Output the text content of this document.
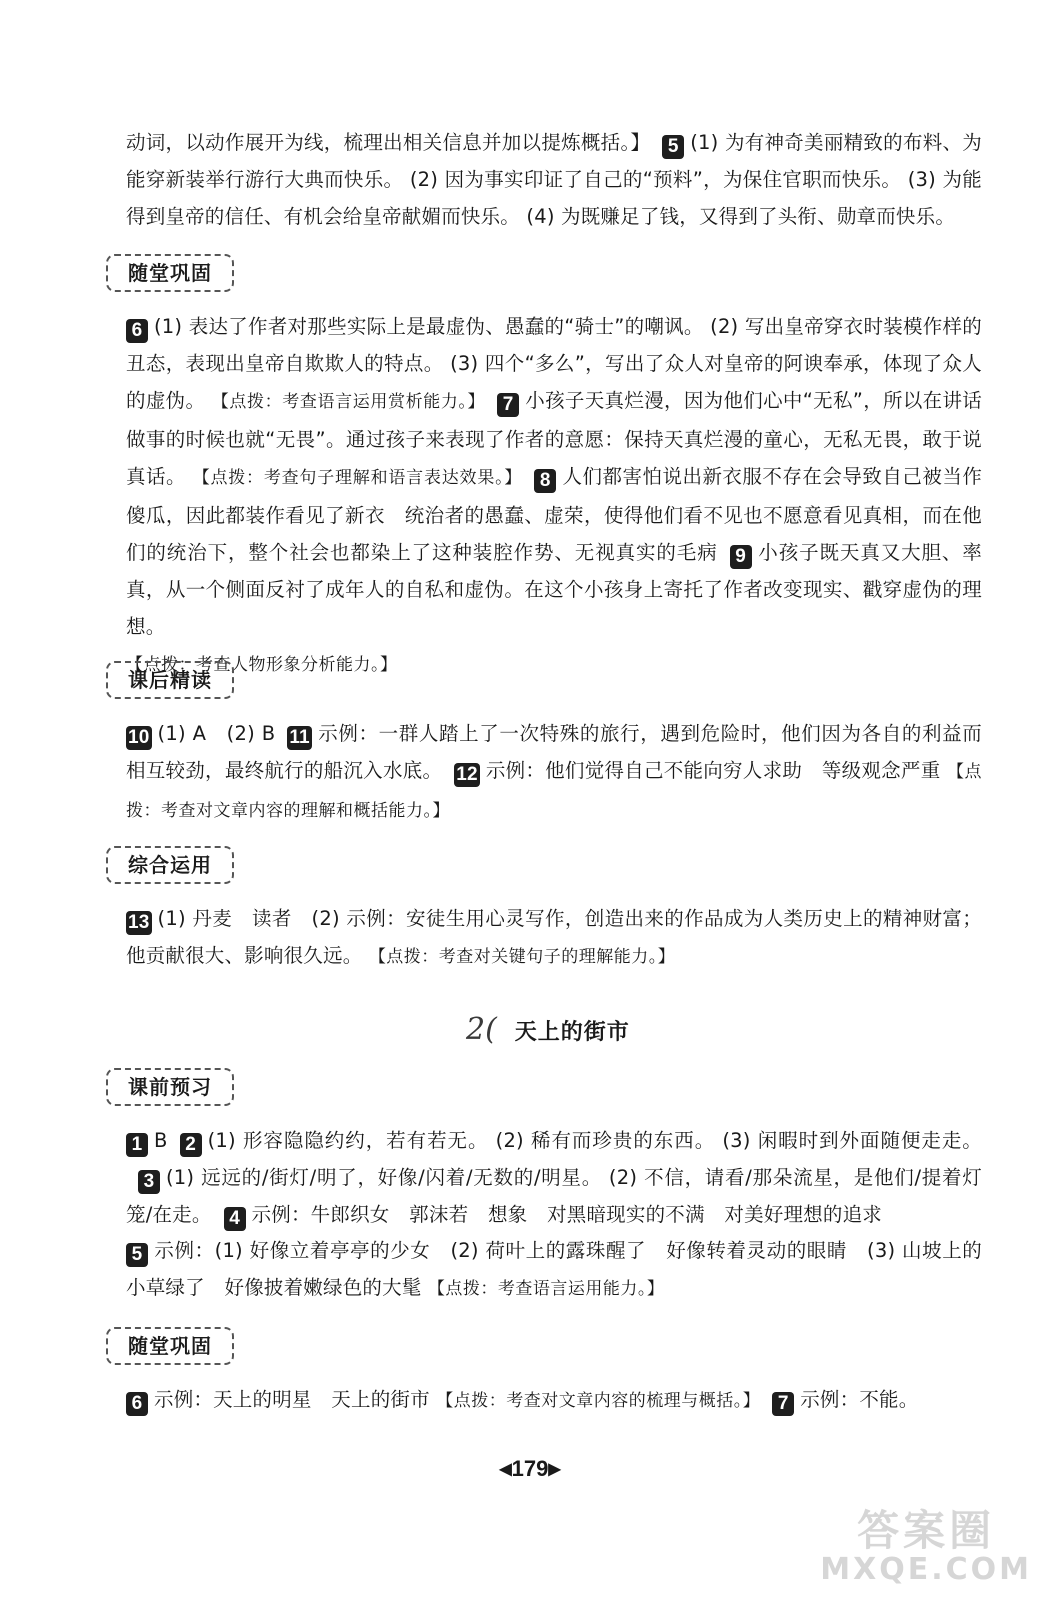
动词，以动作展开为线，梳理出相关信息并加以提炼概括。】 5 (1) 为有神奇美丽精致的布料、为能穿新装举行游行大典而快乐。 (2) 因为事实印证了自己的“预料”，为保住官职而快乐。 (3) 为能得到皇帝的信任、有机会给皇帝献媚而快乐。 (4) 为既赚足了钱，又得到了头衔、勋章而快乐。
随堂巩固
6 (1) 表达了作者对那些实际上是最虚伪、愚蠢的“骑士”的嘲讽。 (2) 写出皇帝穿衣时装模作样的丑态，表现出皇帝自欺欺人的特点。 (3) 四个“多么”，写出了众人对皇帝的阿谀奉承，体现了众人的虚伪。 【点拨：考查语言运用赏析能力。】 7 小孩子天真烂漫，因为他们心中“无私”，所以在讲话做事的时候也就“无畏”。通过孩子来表现了作者的意愿：保持天真烂漫的童心，无私无畏，敢于说真话。 【点拨：考查句子理解和语言表达效果。】 8 人们都害怕说出新衣服不存在会导致自己被当作傻瓜，因此都装作看见了新衣　统治者的愚蠢、虚荣，使得他们看不见也不愿意看见真相，而在他们的统治下，整个社会也都染上了这种装腔作势、无视真实的毛病 9 小孩子既天真又大胆、率真，从一个侧面反衬了成年人的自私和虚伪。在这个小孩身上寄托了作者改变现实、戳穿虚伪的理想。
【点拨：考查人物形象分析能力。】
课后精读
10 (1) A　(2) B 11 示例：一群人踏上了一次特殊的旅行，遇到危险时，他们因为各自的利益而相互较劲，最终航行的船沉入水底。 12 示例：他们觉得自己不能向穷人求助　等级观念严重 【点拨：考查对文章内容的理解和概括能力。】
综合运用
13 (1) 丹麦　读者　(2) 示例：安徒生用心灵写作，创造出来的作品成为人类历史上的精神财富；他贡献很大、影响很久远。 【点拨：考查对关键句子的理解能力。】
2( 天上的街市
课前预习
1 B 2 (1) 形容隐隐约约，若有若无。 (2) 稀有而珍贵的东西。 (3) 闲暇时到外面随便走走。3 (1) 远远的/街灯/明了，好像/闪着/无数的/明星。 (2) 不信，请看/那朵流星，是他们/提着灯笼/在走。 4 示例：牛郎织女　郭沫若　想象　对黑暗现实的不满　对美好理想的追求
5 示例：(1) 好像立着亭亭的少女　(2) 荷叶上的露珠醒了　好像转着灵动的眼睛　(3) 山坡上的小草绿了　好像披着嫩绿色的大髦 【点拨：考查语言运用能力。】
随堂巩固
6 示例：天上的明星　天上的街市 【点拨：考查对文章内容的梳理与概括。】 7 示例：不能。
◀179▶
答案圈
MXQE.COM
